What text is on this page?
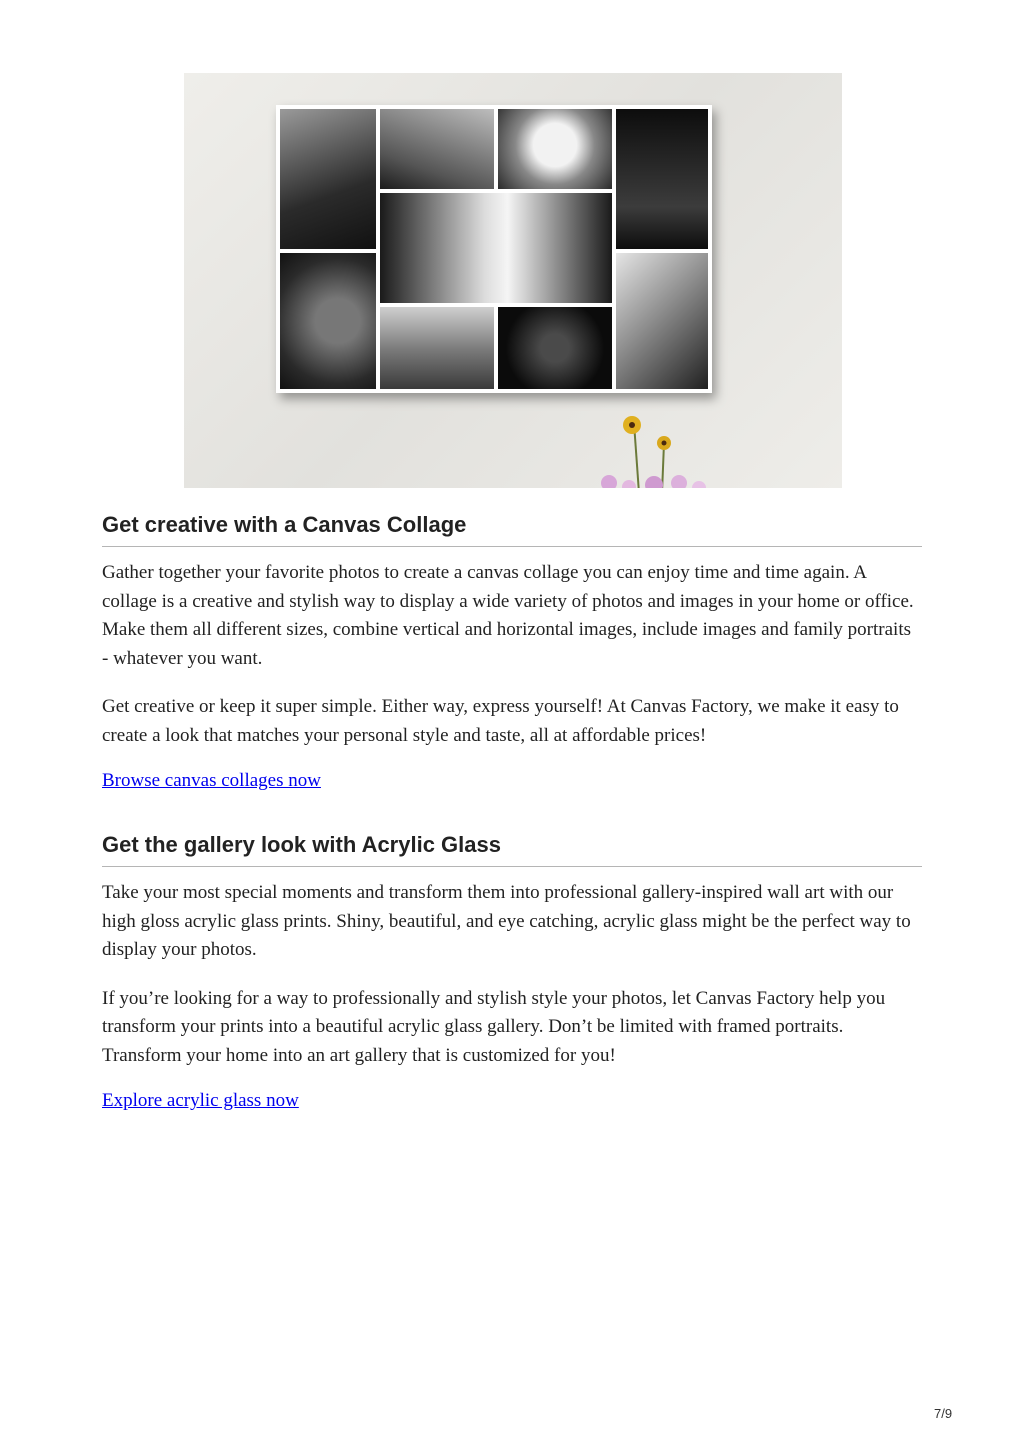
Get creative with a Canvas Collage

Gather together your favorite photos to create a canvas collage you can enjoy time and time again. A collage is a creative and stylish way to display a wide variety of photos and images in your home or office. Make them all different sizes, combine vertical and horizontal images, include images and family portraits - whatever you want.

Get creative or keep it super simple. Either way, express yourself! At Canvas Factory, we make it easy to create a look that matches your personal style and taste, all at affordable prices!

Browse canvas collages now
Get the gallery look with Acrylic Glass

Take your most special moments and transform them into professional gallery-inspired wall art with our high gloss acrylic glass prints. Shiny, beautiful, and eye catching, acrylic glass might be the perfect way to display your photos.

If you’re looking for a way to professionally and stylish style your photos, let Canvas Factory help you transform your prints into a beautiful acrylic glass gallery. Don’t be limited with framed portraits. Transform your home into an art gallery that is customized for you!

Explore acrylic glass now
7/9
